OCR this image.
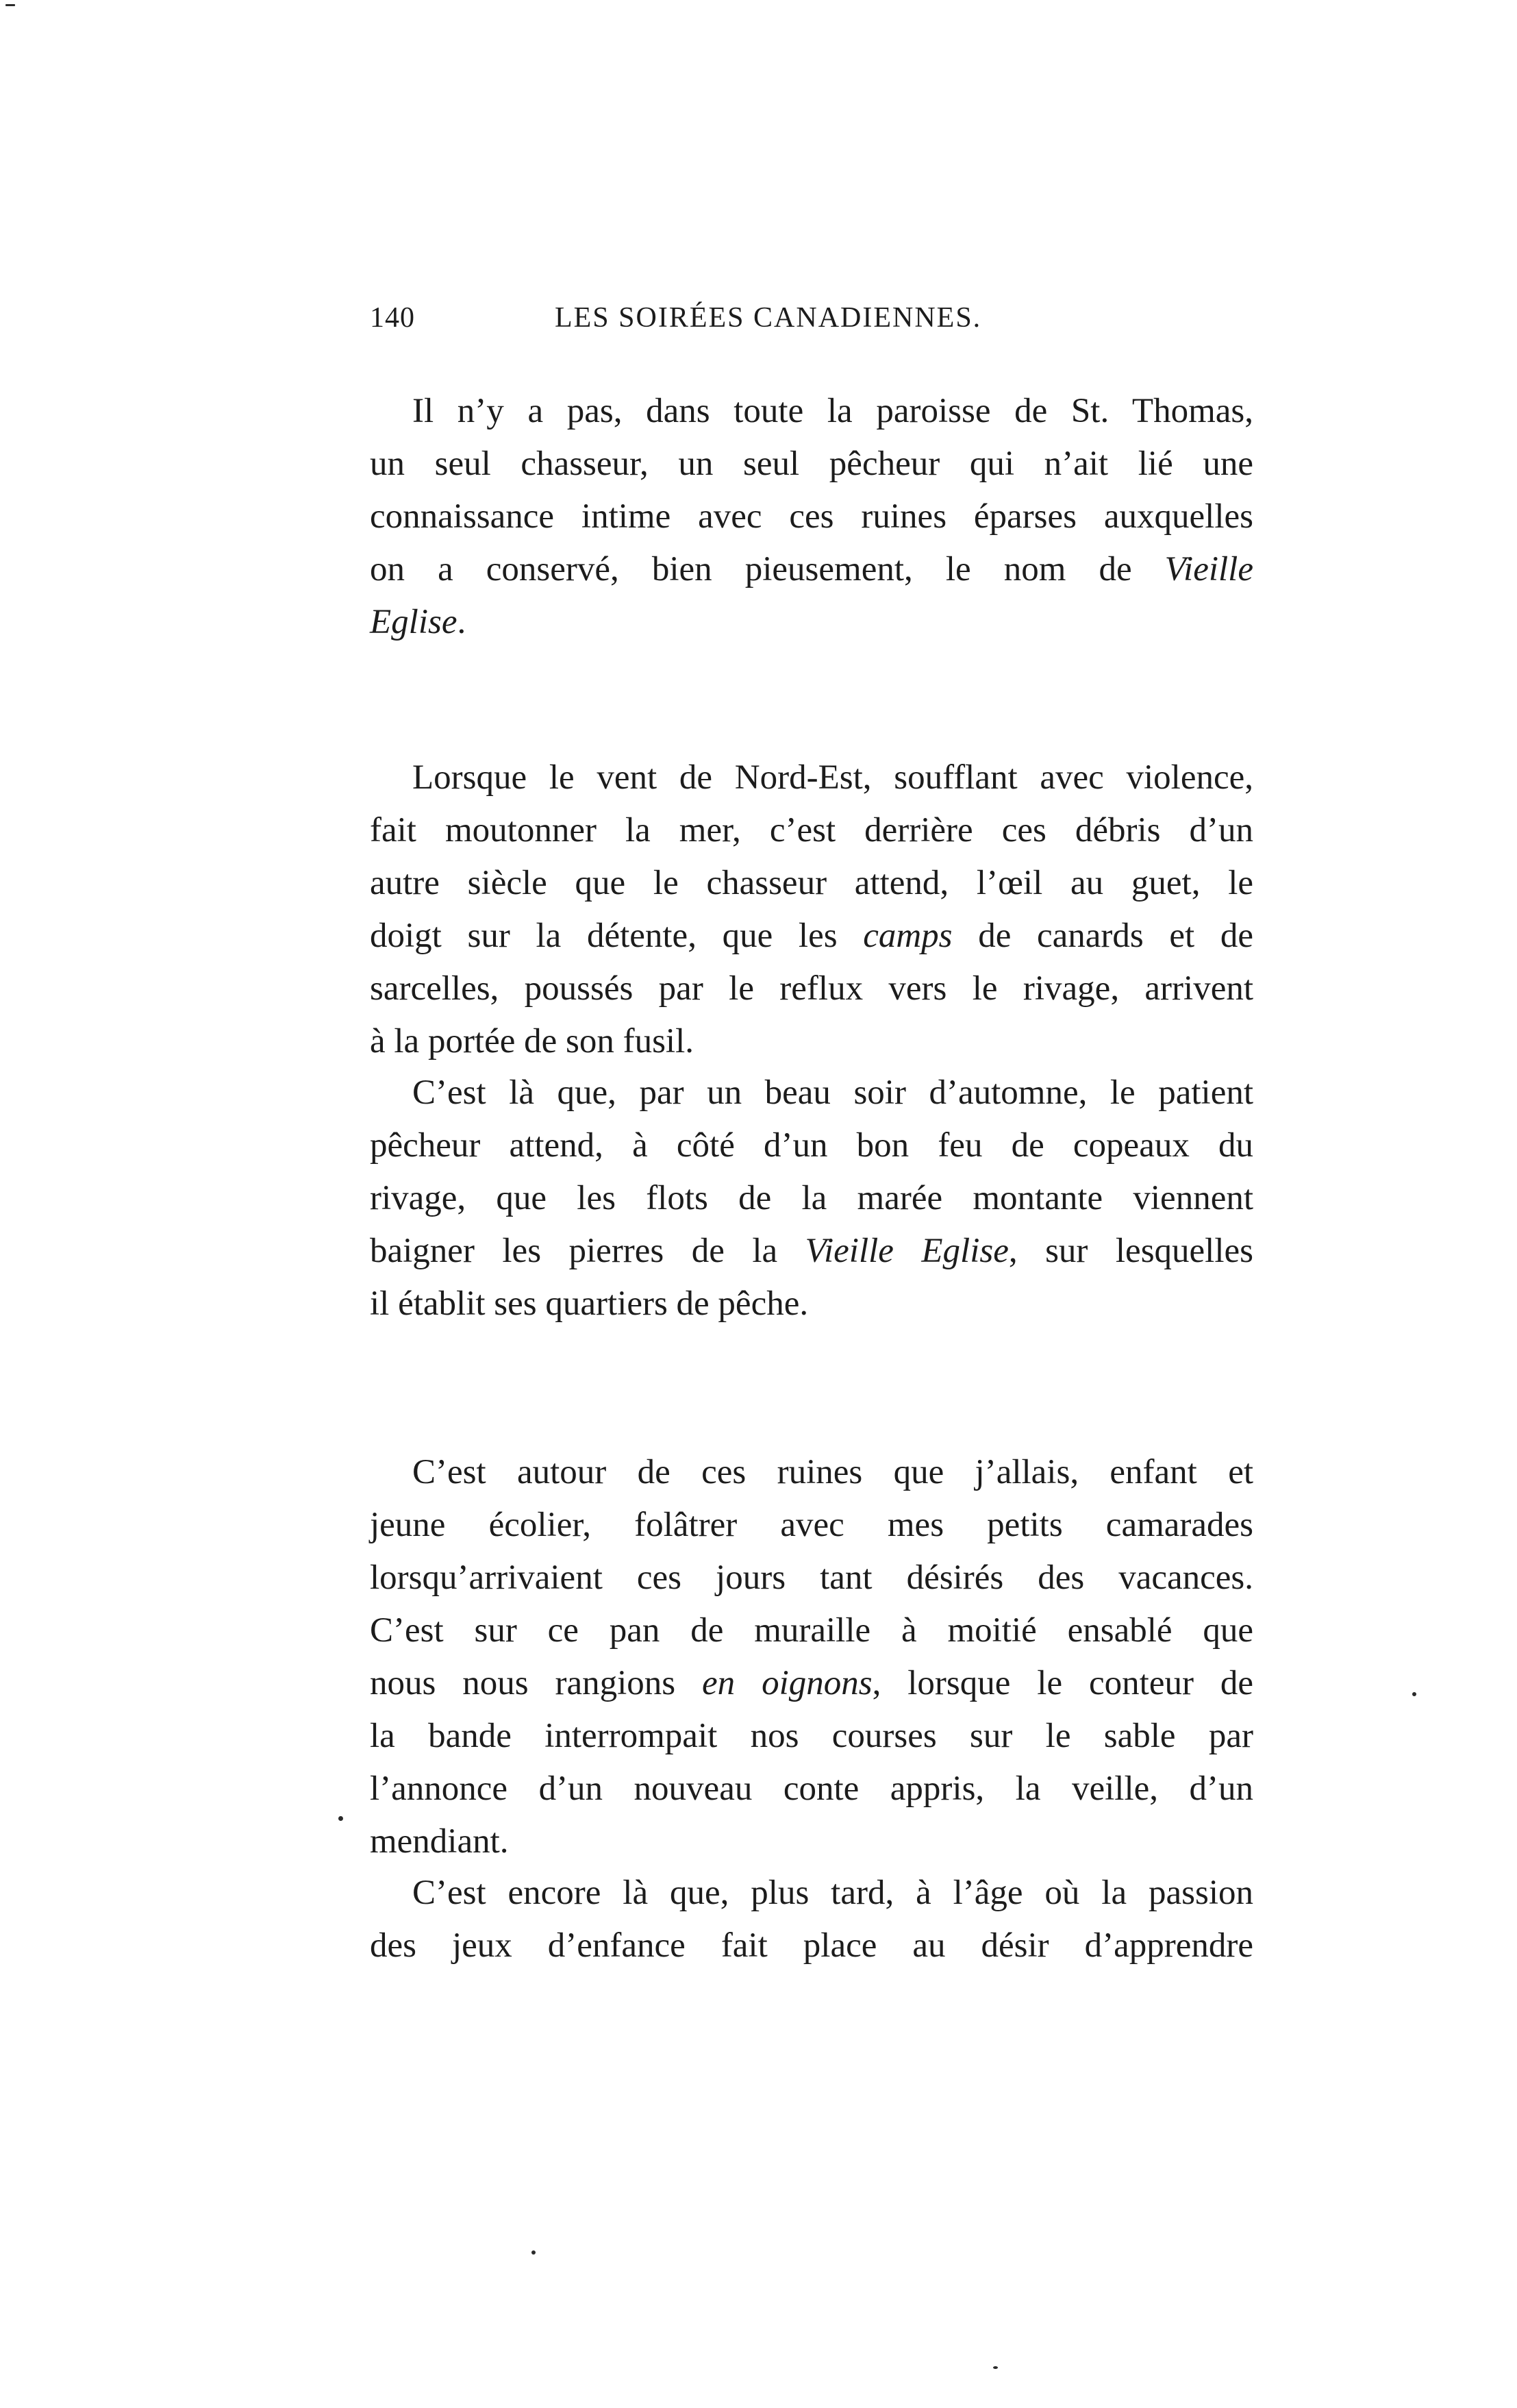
140	LES SOIRÉES CANADIENNES.
Il n’y a pas, dans toute la paroisse de St. Thomas,
un seul chasseur, un seul pêcheur qui n’ait lié une
connaissance intime avec ces ruines éparses auxquelles
on a conservé, bien pieusement, le nom de Vieille
Eglise.
Lorsque le vent de Nord-Est, soufflant avec violence,
fait moutonner la mer, c’est derrière ces débris d’un
autre siècle que le chasseur attend, l’œil au guet, le
doigt sur la détente, que les camps de canards et de
sarcelles, poussés par le reflux vers le rivage, arrivent
à la portée de son fusil.
C’est là que, par un beau soir d’automne, le patient
pêcheur attend, à côté d’un bon feu de copeaux du
rivage, que les flots de la marée montante viennent
baigner les pierres de la Vieille Eglise, sur lesquelles
il établit ses quartiers de pêche.
C’est autour de ces ruines que j’allais, enfant et
jeune écolier, folâtrer avec mes petits camarades
lorsqu’arrivaient ces jours tant désirés des vacances.
C’est sur ce pan de muraille à moitié ensablé que
nous nous rangions en oignons, lorsque le conteur de
la bande interrompait nos courses sur le sable par
l’annonce d’un nouveau conte appris, la veille, d’un
mendiant.
C’est encore là que, plus tard, à l’âge où la passion
des jeux d’enfance fait place au désir d’apprendre
